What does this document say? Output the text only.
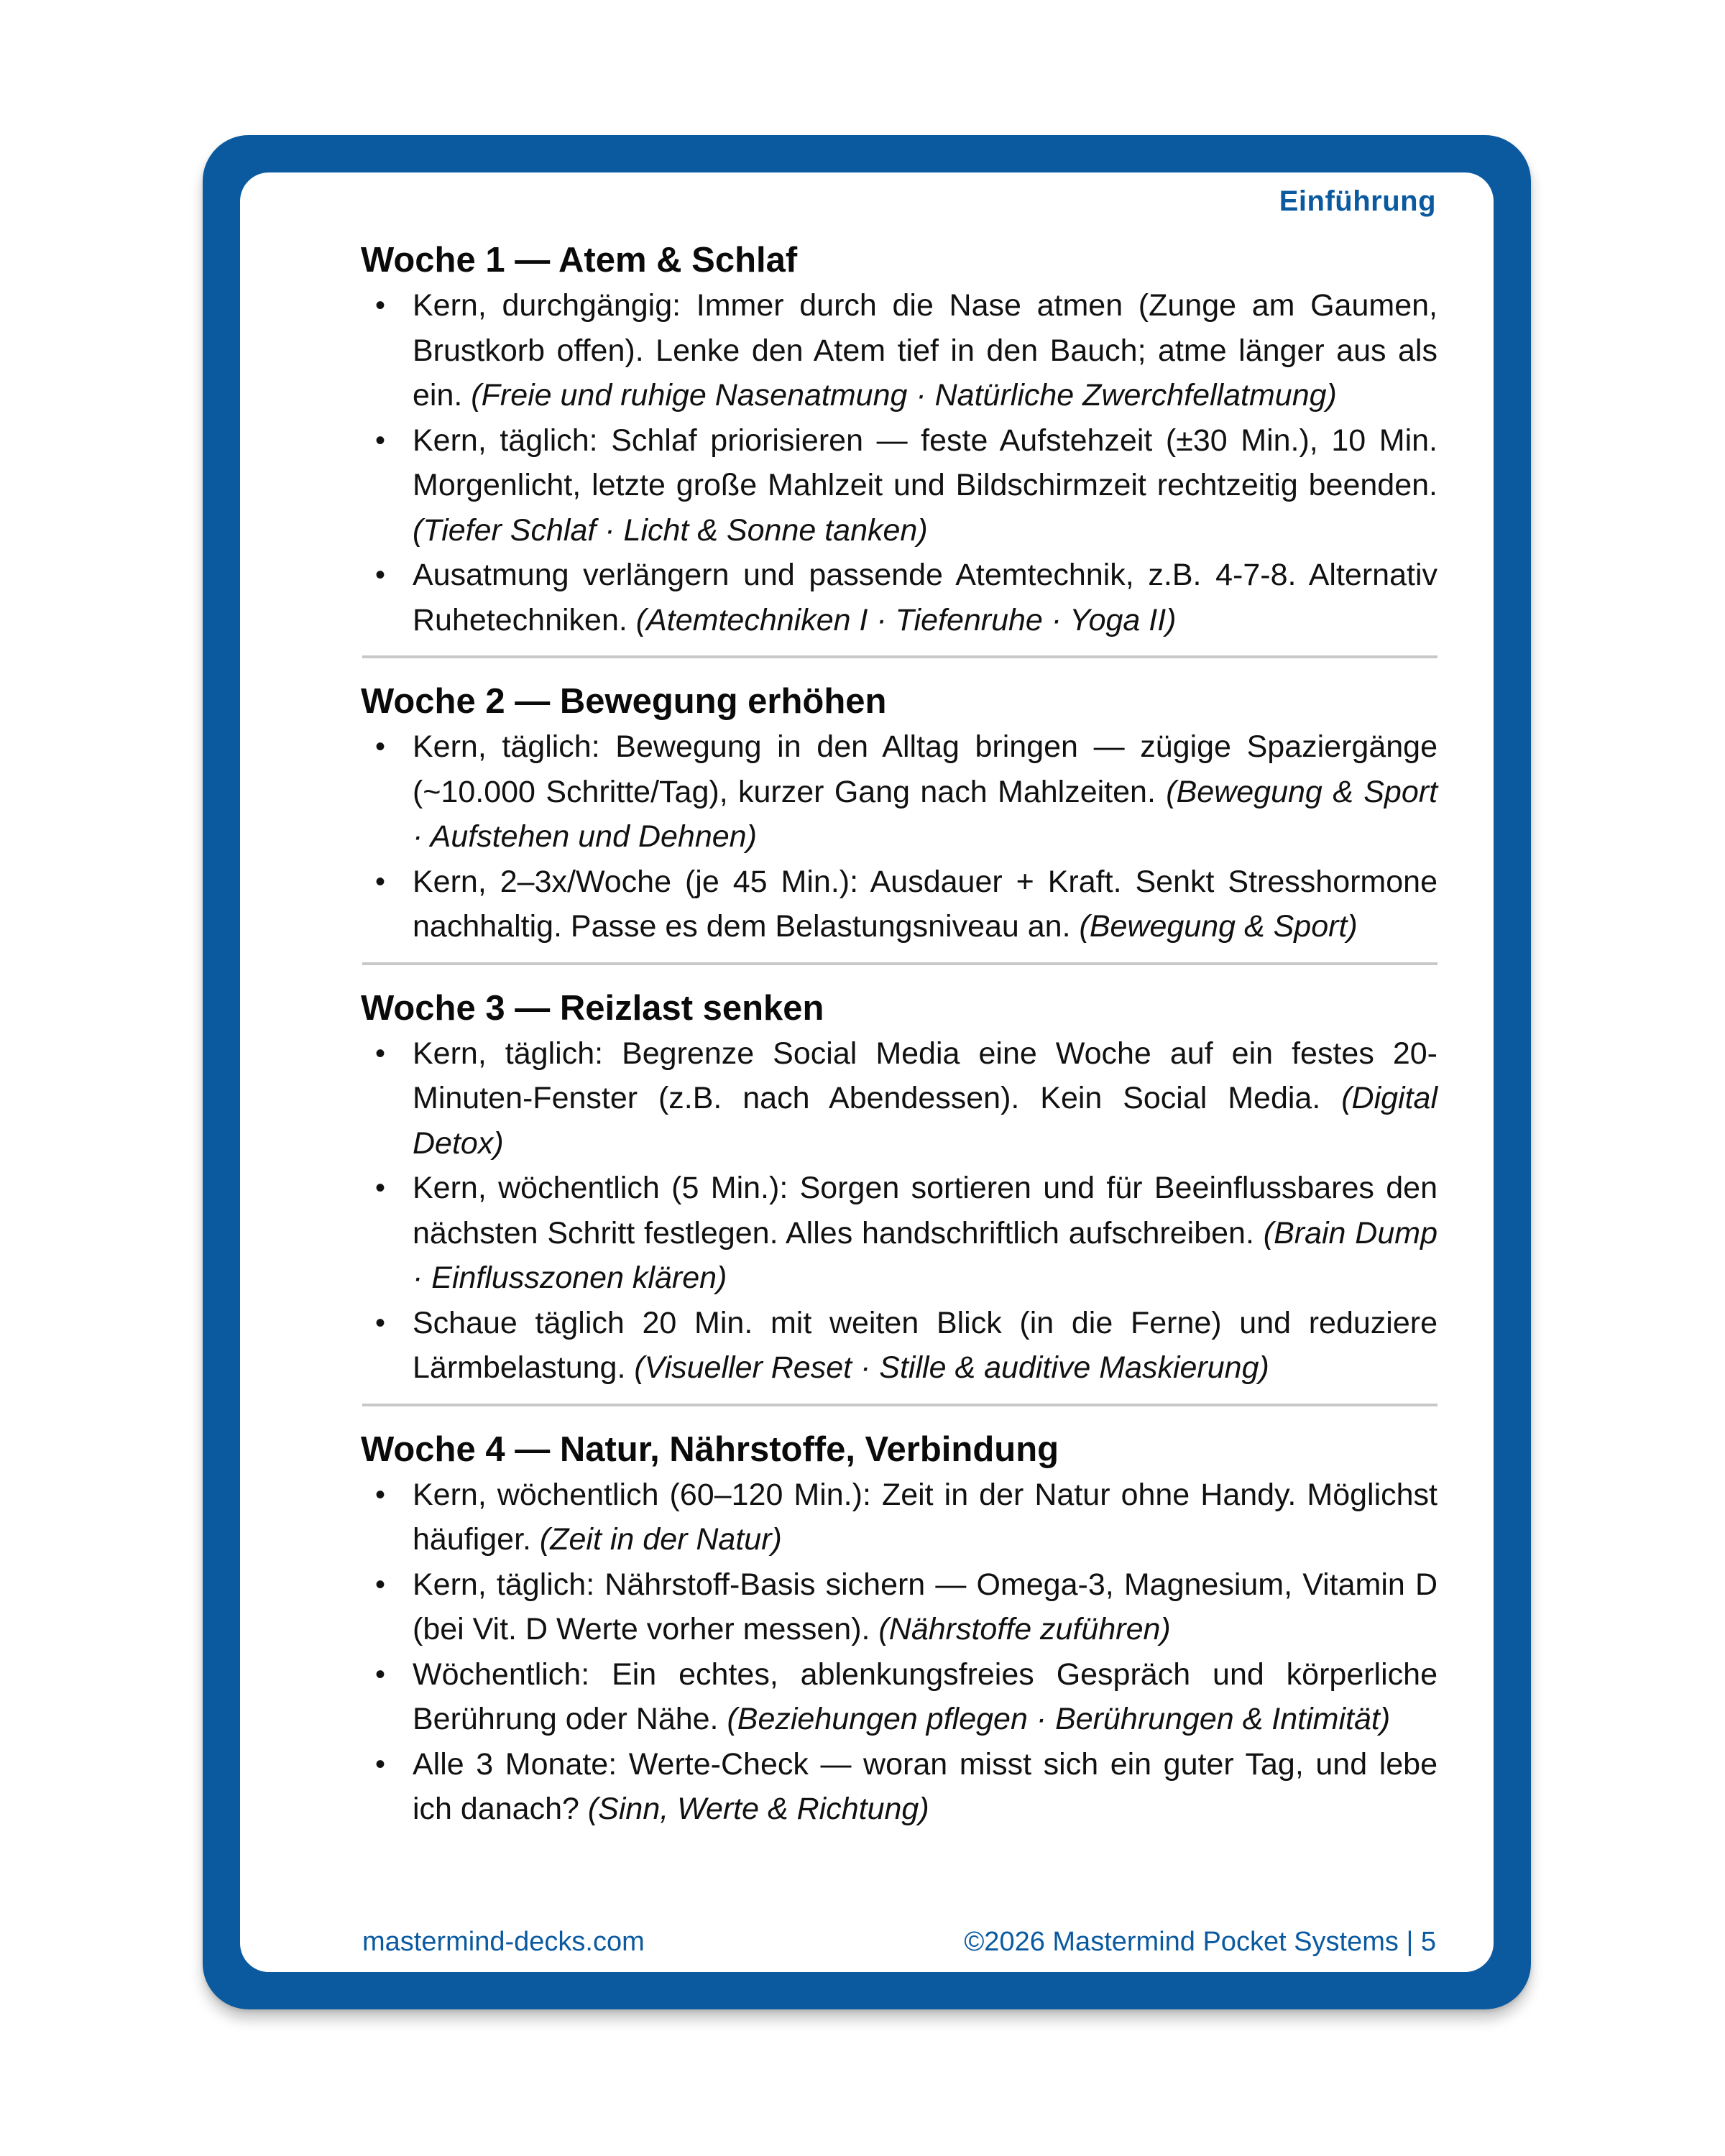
Einführung
Woche 1 — Atem & Schlaf
• Kern, durchgängig: Immer durch die Nase atmen (Zunge am Gaumen, Brustkorb offen). Lenke den Atem tief in den Bauch; atme länger aus als ein. (Freie und ruhige Nasenatmung · Natürliche Zwerchfellatmung)
• Kern, täglich: Schlaf priorisieren — feste Aufstehzeit (±30 Min.), 10 Min. Morgenlicht, letzte große Mahlzeit und Bildschirmzeit rechtzeitig beenden. (Tiefer Schlaf · Licht & Sonne tanken)
• Ausatmung verlängern und passende Atemtechnik, z.B. 4-7-8. Alternativ Ruhetechniken. (Atemtechniken I · Tiefenruhe · Yoga II)
Woche 2 — Bewegung erhöhen
• Kern, täglich: Bewegung in den Alltag bringen — zügige Spaziergänge (~10.000 Schritte/Tag), kurzer Gang nach Mahlzeiten. (Bewegung & Sport · Aufstehen und Dehnen)
• Kern, 2–3x/Woche (je 45 Min.): Ausdauer + Kraft. Senkt Stresshormone nachhaltig. Passe es dem Belastungsniveau an. (Bewegung & Sport)
Woche 3 — Reizlast senken
• Kern, täglich: Begrenze Social Media eine Woche auf ein festes 20-Minuten-Fenster (z.B. nach Abendessen). Kein Social Media. (Digital Detox)
• Kern, wöchentlich (5 Min.): Sorgen sortieren und für Beeinflussbares den nächsten Schritt festlegen. Alles handschriftlich aufschreiben. (Brain Dump · Einflusszonen klären)
• Schaue täglich 20 Min. mit weiten Blick (in die Ferne) und reduziere Lärmbelastung. (Visueller Reset · Stille & auditive Maskierung)
Woche 4 — Natur, Nährstoffe, Verbindung
• Kern, wöchentlich (60–120 Min.): Zeit in der Natur ohne Handy. Möglichst häufiger. (Zeit in der Natur)
• Kern, täglich: Nährstoff-Basis sichern — Omega-3, Magnesium, Vitamin D (bei Vit. D Werte vorher messen). (Nährstoffe zuführen)
• Wöchentlich: Ein echtes, ablenkungsfreies Gespräch und körperliche Berührung oder Nähe. (Beziehungen pflegen · Berührungen & Intimität)
• Alle 3 Monate: Werte-Check — woran misst sich ein guter Tag, und lebe ich danach? (Sinn, Werte & Richtung)
mastermind-decks.com	©2026 Mastermind Pocket Systems | 5
